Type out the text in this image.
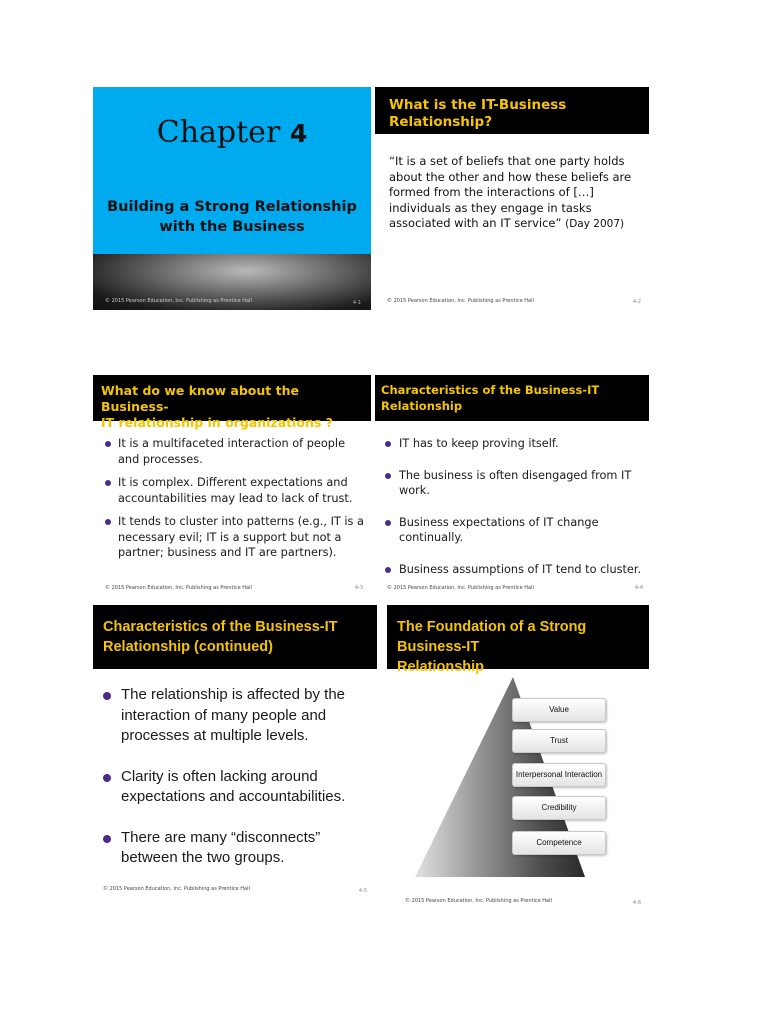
Chapter 4
Building a Strong Relationship
with the Business
© 2015 Pearson Education, Inc. Publishing as Prentice Hall	4-1
What is the IT-Business
Relationship?
“It is a set of beliefs that one party holds
about the other and how these beliefs are
formed from the interactions of […]
individuals as they engage in tasks
associated with an IT service” (Day 2007)
© 2015 Pearson Education, Inc. Publishing as Prentice Hall	4-2
What do we know about the Business-
IT relationship in organizations ?
It is a multifaceted interaction of people and processes.
It is complex. Different expectations and accountabilities may lead to lack of trust.
It tends to cluster into patterns (e.g., IT is a necessary evil; IT is a support but not a partner; business and IT are partners).
© 2015 Pearson Education, Inc. Publishing as Prentice Hall	4-3
Characteristics of the Business-IT
Relationship
IT has to keep proving itself.
The business is often disengaged from IT work.
Business expectations of IT change continually.
Business assumptions of IT tend to cluster.
© 2015 Pearson Education, Inc. Publishing as Prentice Hall	4-4
Characteristics of the Business-IT
Relationship (continued)
The relationship is affected by the interaction of many people and processes at multiple levels.
Clarity is often lacking around expectations and accountabilities.
There are many “disconnects” between the two groups.
© 2015 Pearson Education, Inc. Publishing as Prentice Hall	4-5
The Foundation of a Strong Business-IT
Relationship
Value
Trust
Interpersonal Interaction
Credibility
Competence
© 2015 Pearson Education, Inc. Publishing as Prentice Hall	4-6
